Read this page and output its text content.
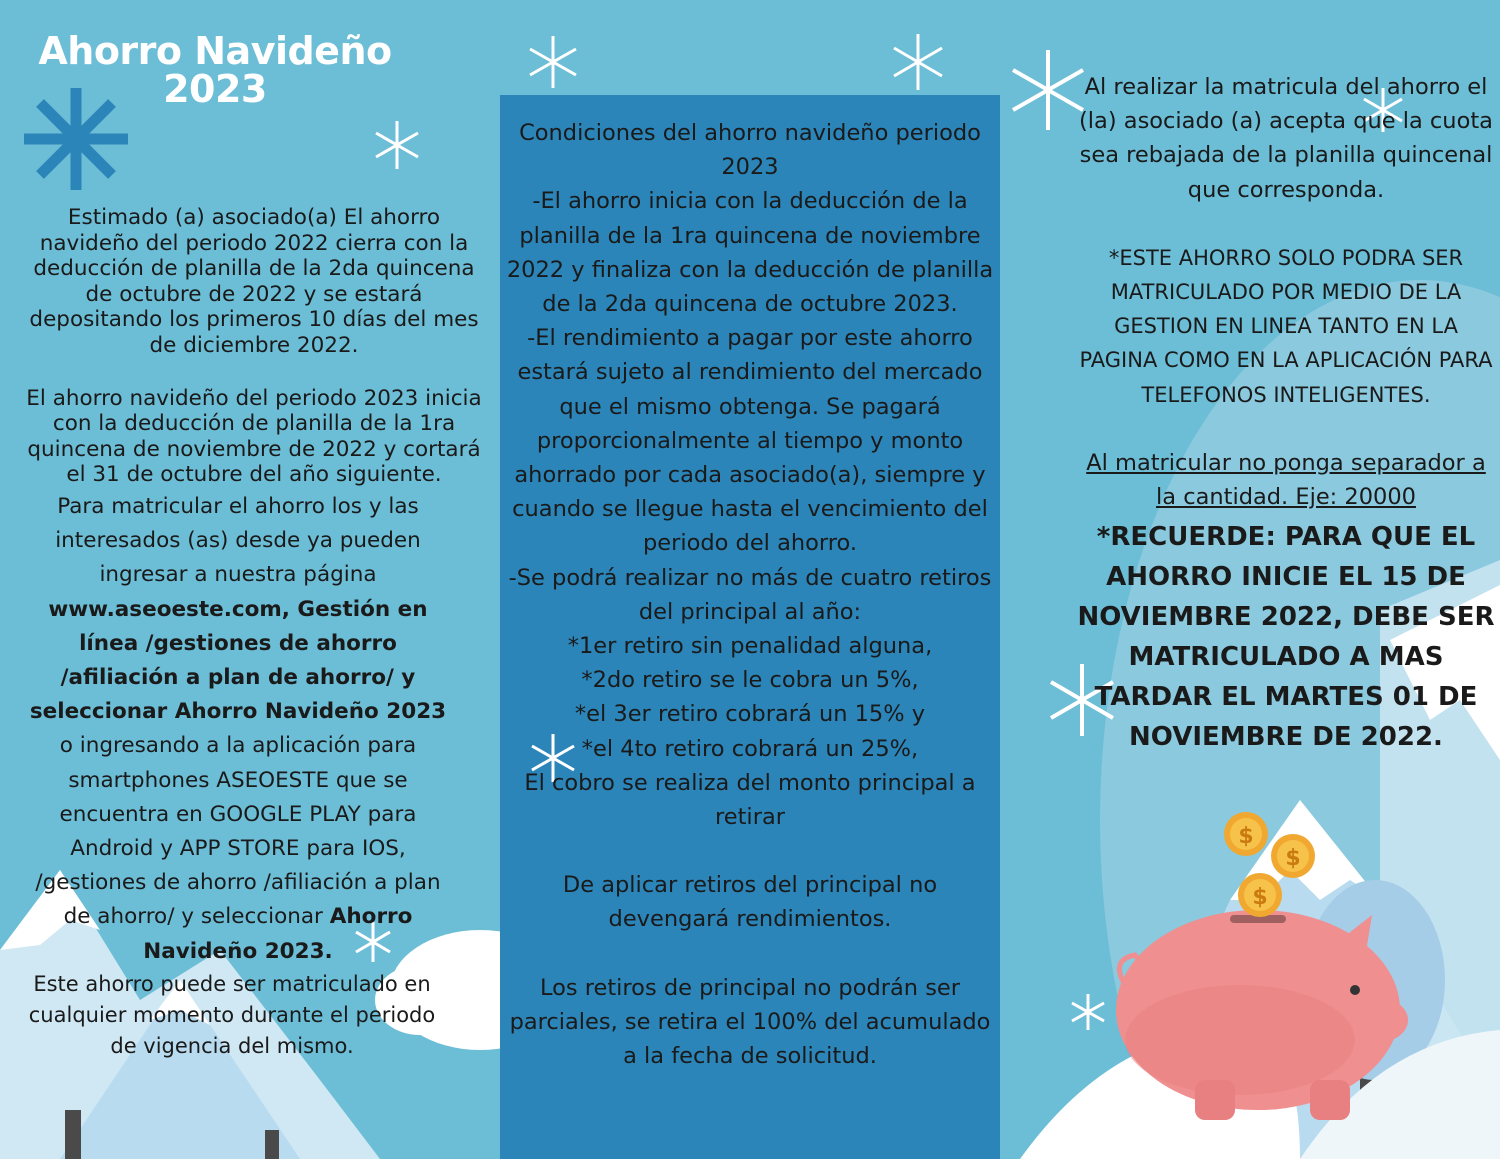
$
$
$
Ahorro Navideño
2023

Estimado (a) asociado(a) El ahorro navideño del periodo 2022 cierra con la deducción de planilla de la 2da quincena de octubre de 2022 y se estará depositando los primeros 10 días del mes de diciembre 2022.

El ahorro navideño del periodo 2023 inicia con la deducción de planilla de la 1ra quincena de noviembre de 2022 y cortará el 31 de octubre del año siguiente.

Para matricular el ahorro los y las interesados (as) desde ya pueden ingresar a nuestra página www.aseoeste.com, Gestión en línea /gestiones de ahorro /afiliación a plan de ahorro/ y seleccionar Ahorro Navideño 2023 o ingresando a la aplicación para smartphones ASEOESTE que se encuentra en GOOGLE PLAY para Android y APP STORE para IOS, /gestiones de ahorro /afiliación a plan de ahorro/ y seleccionar Ahorro Navideño 2023.

Este ahorro puede ser matriculado en cualquier momento durante el periodo de vigencia del mismo.

Condiciones del ahorro navideño periodo 2023

-El ahorro inicia con la deducción de la planilla de la 1ra quincena de noviembre 2022 y finaliza con la deducción de planilla de la 2da quincena de octubre 2023.

-El rendimiento a pagar por este ahorro estará sujeto al rendimiento del mercado que el mismo obtenga. Se pagará proporcionalmente al tiempo y monto ahorrado por cada asociado(a), siempre y cuando se llegue hasta el vencimiento del periodo del ahorro.

-Se podrá realizar no más de cuatro retiros del principal al año:

*1er retiro sin penalidad alguna,

*2do retiro se le cobra un 5%,

*el 3er retiro cobrará un 15% y

*el 4to retiro cobrará un 25%,

El cobro se realiza del monto principal a retirar

De aplicar retiros del principal no devengará rendimientos.

Los retiros de principal no podrán ser parciales, se retira el 100% del acumulado a la fecha de solicitud.

Al realizar la matricula del ahorro el (la) asociado (a) acepta que la cuota sea rebajada de la planilla quincenal que corresponda.

*ESTE AHORRO SOLO PODRA SER MATRICULADO POR MEDIO DE LA GESTION EN LINEA TANTO EN LA PAGINA COMO EN LA APLICACIÓN PARA TELEFONOS INTELIGENTES.

Al matricular no ponga separador a la cantidad. Eje: 20000

*RECUERDE: PARA QUE EL AHORRO INICIE EL 15 DE NOVIEMBRE 2022, DEBE SER MATRICULADO A MAS TARDAR EL MARTES 01 DE NOVIEMBRE DE 2022.
